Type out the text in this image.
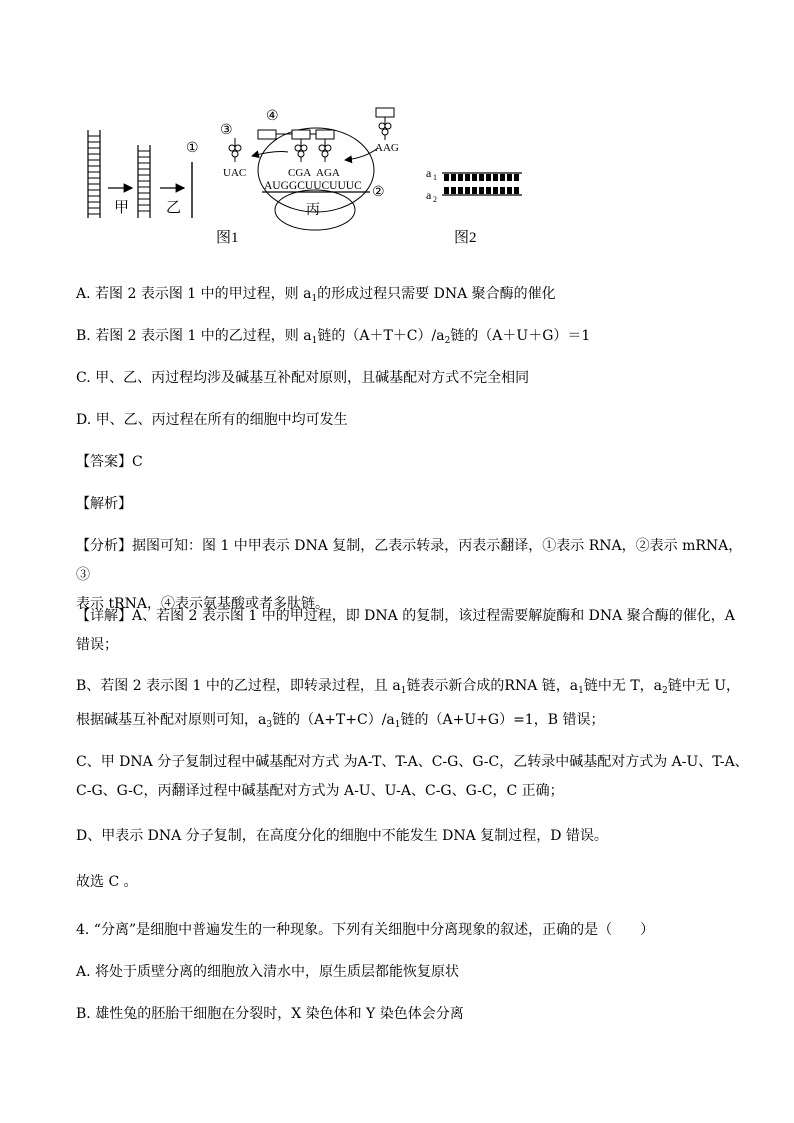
甲 乙
①
③
UAC
丙
④
CGA AGA
AAG
AUGGCUUCUUUC ②
图1
a 1
a 2
图2
A. 若图 2 表示图 1 中的甲过程，则 $a_1$的形成过程只需要 DNA 聚合酶的催化
B. 若图 2 表示图 1 中的乙过程，则 $a_1$链的$(A+T+C)/a_2$链的（A＋U＋G）＝1
C. 甲、乙、丙过程均涉及碱基互补配对原则，且碱基配对方式不完全相同
D. 甲、乙、丙过程在所有的细胞中均可发生
【答案】C
【解析】
【分析】据图可知：图 1 中甲表示 DNA 复制，乙表示转录，丙表示翻译，①表示 RNA，②表示 mRNA，③
表示 tRNA，④表示氨基酸或者多肽链。
【详解】A、若图 2 表示图 1 中的甲过程，即 DNA 的复制，该过程需要解旋酶和 DNA 聚合酶的催化，A
错误；
B、若图 2 表示图 1 中的乙过程，即转录过程，且 $a_1$链表示新合成的RNA 链，$a_1$链中无 T，$a_2$链中无 U，
根据碱基互补配对原则可知，$a_3$链的$(A+T+C)/a_1$链的（A+U+G）=1，B 错误；
C、甲 DNA 分子复制过程中碱基配对方式 为A-T、T-A、C-G、G-C，乙转录中碱基配对方式为 A-U、T-A、
C-G、G-C，丙翻译过程中碱基配对方式为 A-U、U-A、C-G、G-C，C 正确；
D、甲表示 DNA 分子复制，在高度分化的细胞中不能发生 DNA 复制过程，D 错误。
故选 C 。
4. “分离”是细胞中普遍发生的一种现象。下列有关细胞中分离现象的叙述，正确的是（　　）
A. 将处于质壁分离的细胞放入清水中，原生质层都能恢复原状
B. 雄性兔的胚胎干细胞在分裂时，X 染色体和 Y 染色体会分离
